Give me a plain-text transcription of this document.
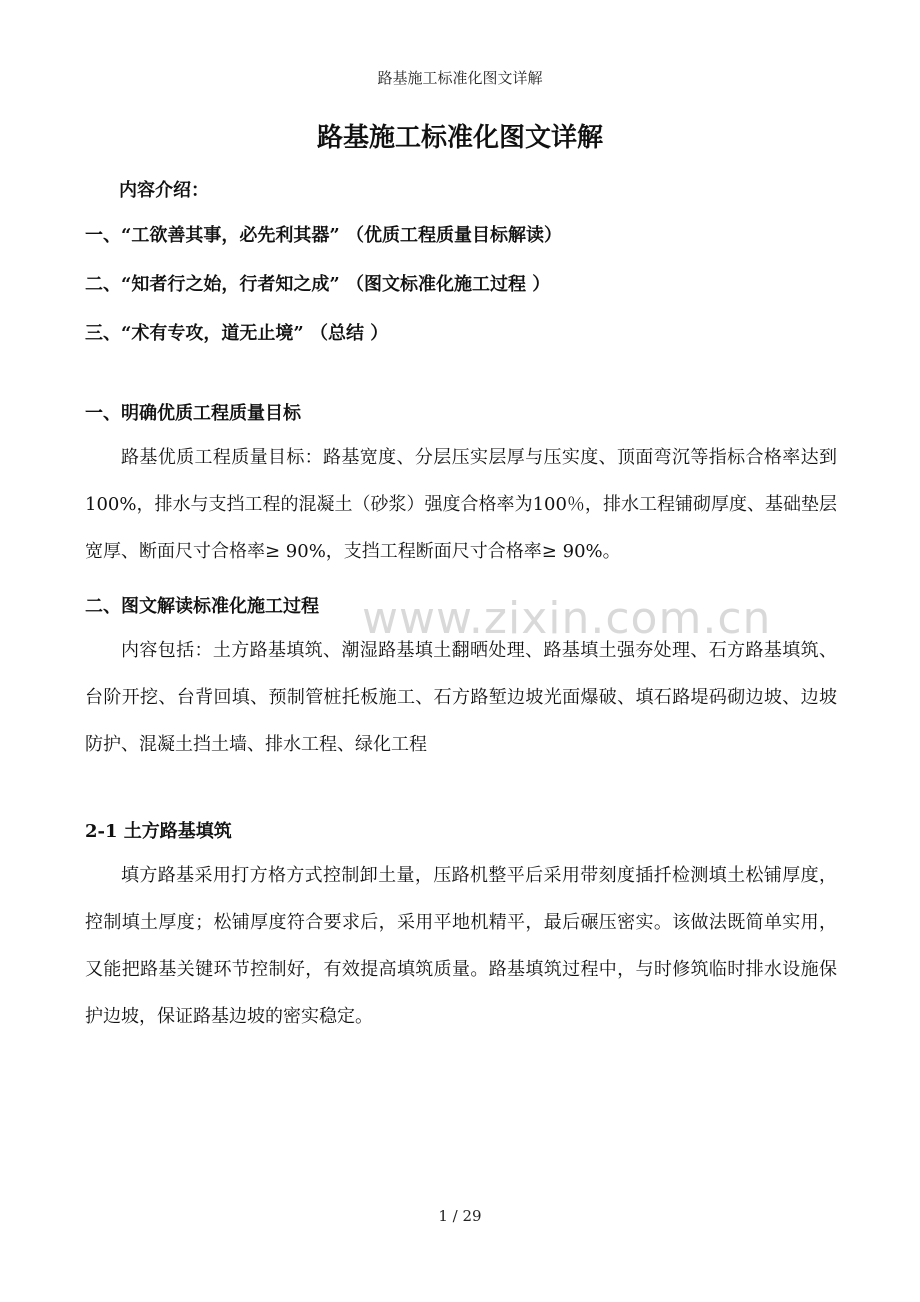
路基施工标准化图文详解
路基施工标准化图文详解
内容介绍：
一、“工欲善其事，必先利其器” （优质工程质量目标解读）
二、“知者行之始，行者知之成” （图文标准化施工过程 ）
三、“术有专攻，道无止境” （总结 ）
一、明确优质工程质量目标

路基优质工程质量目标：路基宽度、分层压实层厚与压实度、顶面弯沉等指标合格率达到100%，排水与支挡工程的混凝土（砂浆）强度合格率为100％，排水工程铺砌厚度、基础垫层宽厚、断面尺寸合格率≥ 90%，支挡工程断面尺寸合格率≥ 90%。

二、图文解读标准化施工过程

内容包括：土方路基填筑、潮湿路基填土翻晒处理、路基填土强夯处理、石方路基填筑、台阶开挖、台背回填、预制管桩托板施工、石方路堑边坡光面爆破、填石路堤码砌边坡、边坡防护、混凝土挡土墙、排水工程、绿化工程

2-1 土方路基填筑

填方路基采用打方格方式控制卸土量，压路机整平后采用带刻度插扦检测填土松铺厚度，控制填土厚度；松铺厚度符合要求后，采用平地机精平，最后碾压密实。该做法既简单实用，又能把路基关键环节控制好，有效提高填筑质量。路基填筑过程中，与时修筑临时排水设施保护边坡，保证路基边坡的密实稳定。

www.zixin.com.cn
1 / 29
